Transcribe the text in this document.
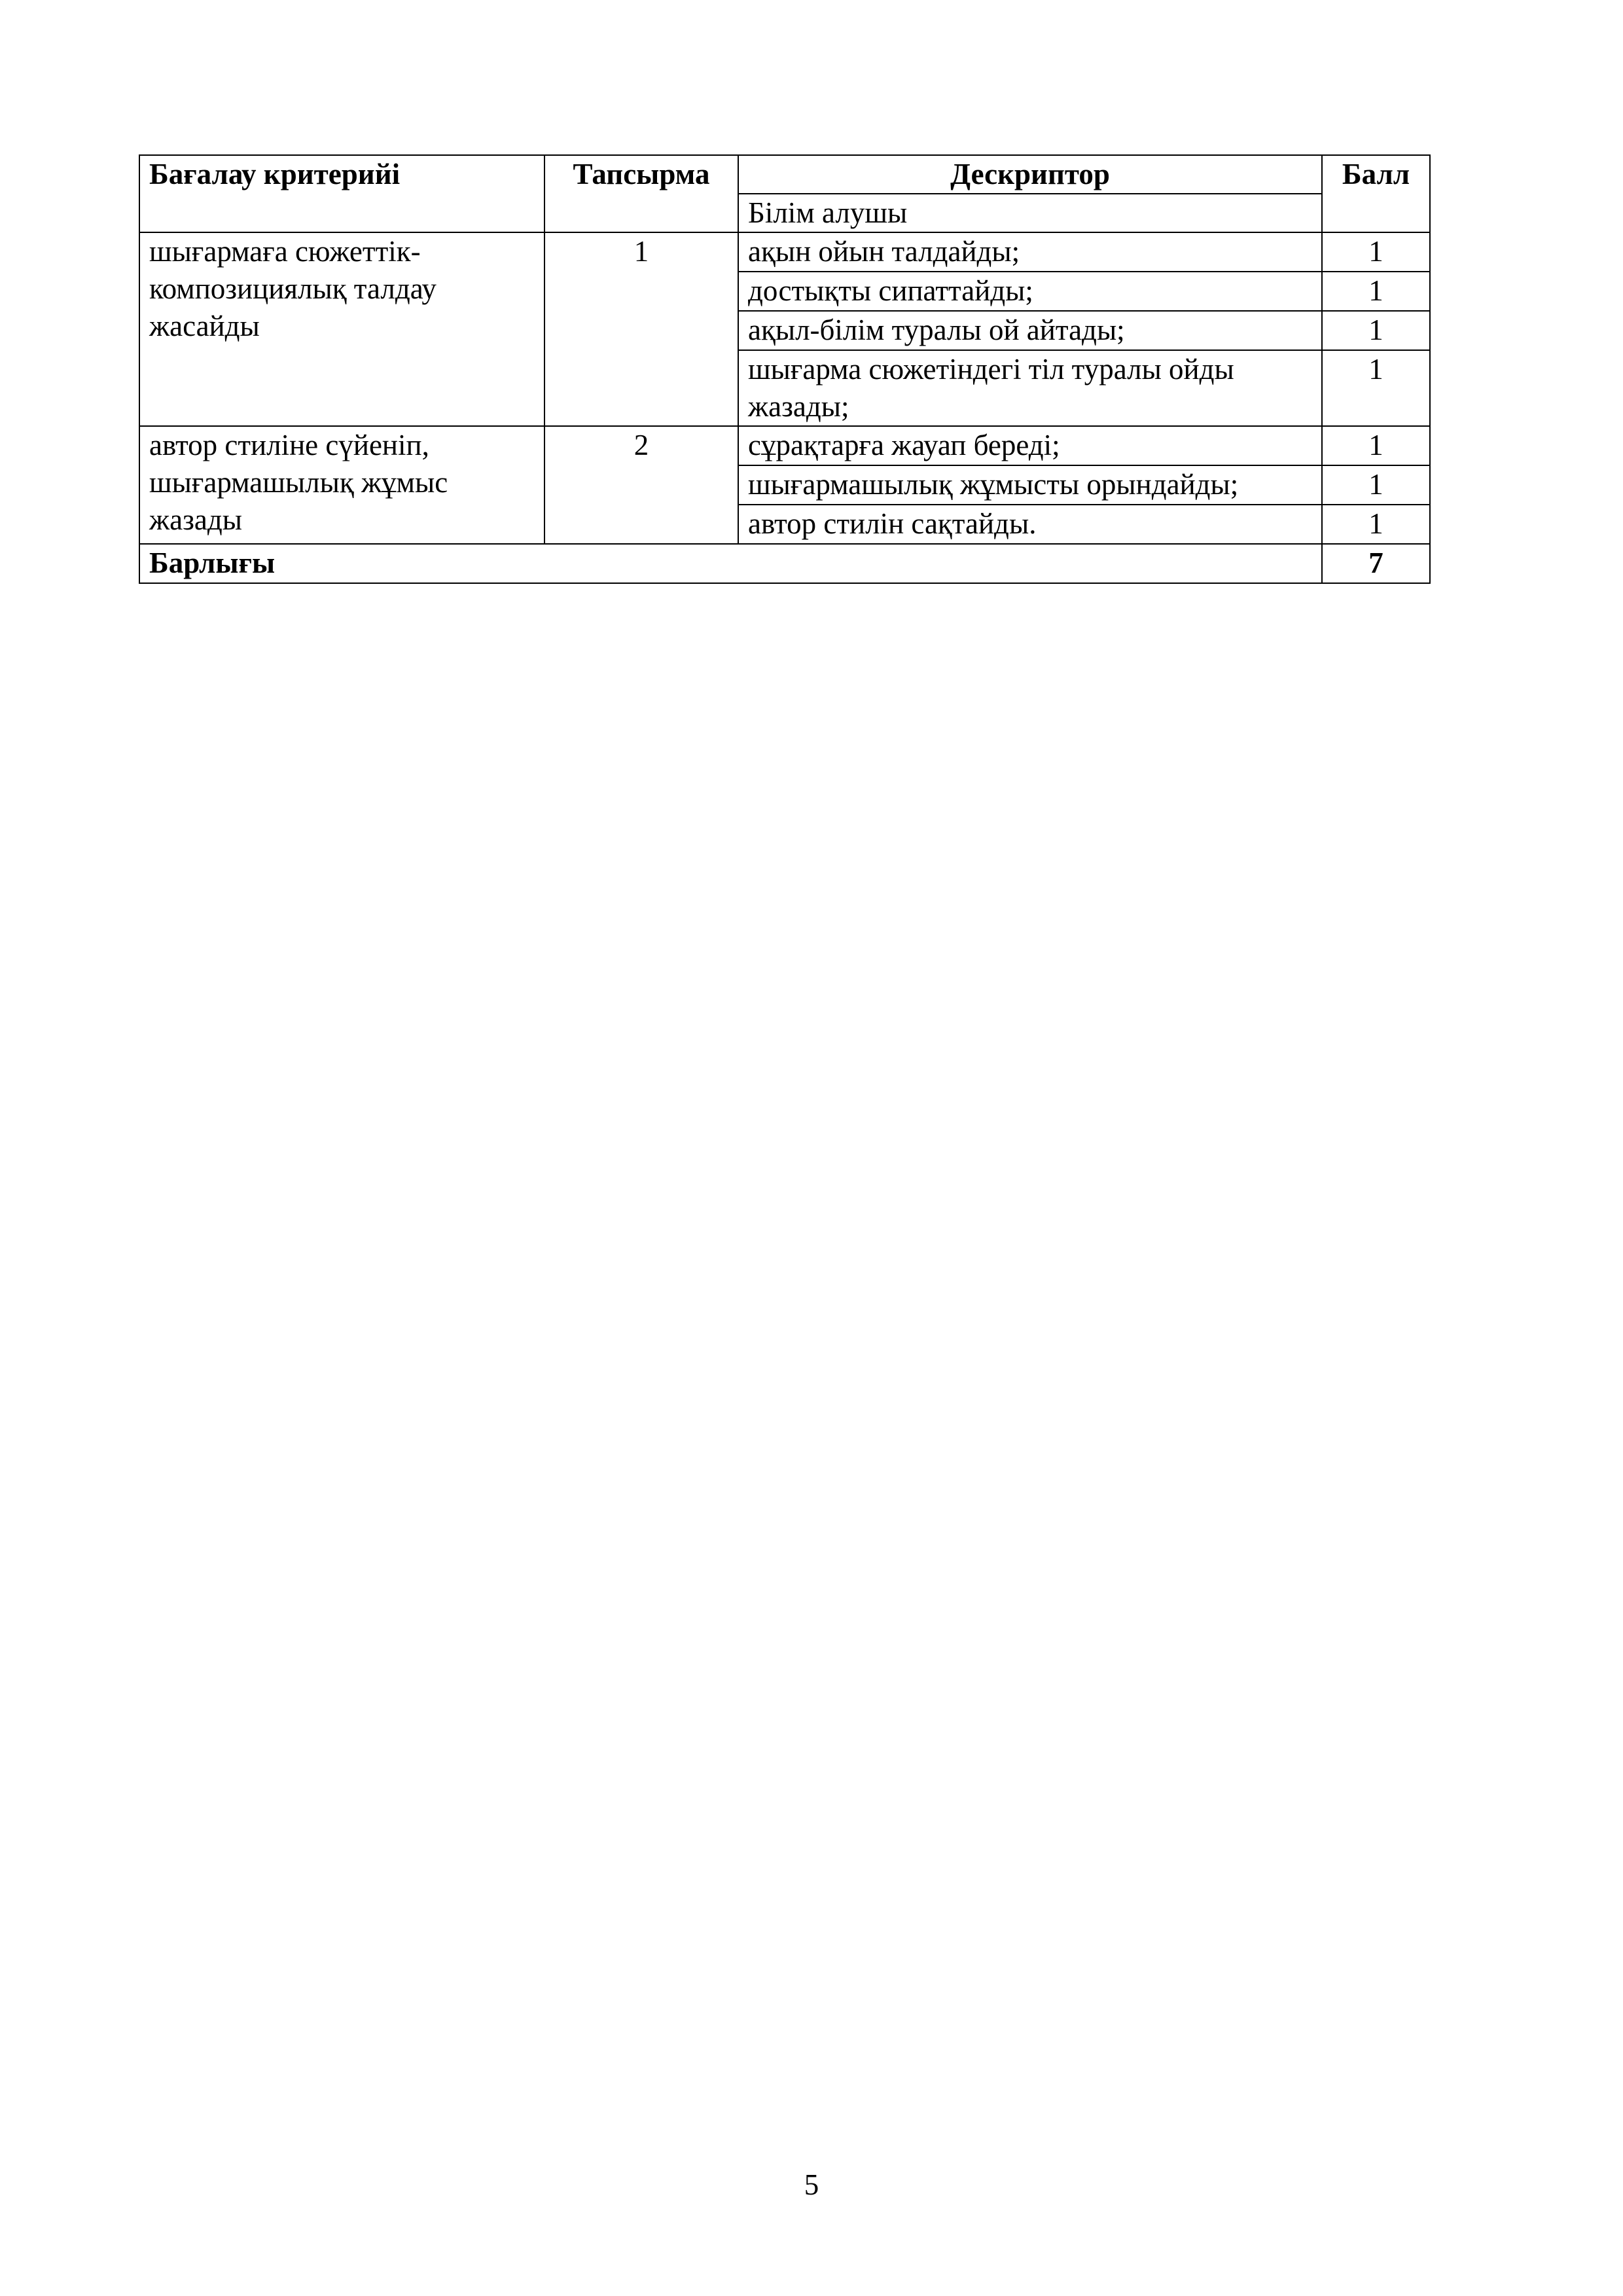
Бағалау критерийі	Тапсырма	Дескриптор	Балл
		Білім алушы	
шығармаға сюжеттік-композициялық талдау жасайды	1	ақын ойын талдайды;	1
		достықты сипаттайды;	1
		ақыл-білім туралы ой айтады;	1
		шығарма сюжетіндегі тіл туралы ойды жазады;	1
автор стиліне сүйеніп, шығармашылық жұмыс жазады	2	сұрақтарға жауап береді;	1
		шығармашылық жұмысты орындайды;	1
		автор стилін сақтайды.	1
Барлығы			7
5
